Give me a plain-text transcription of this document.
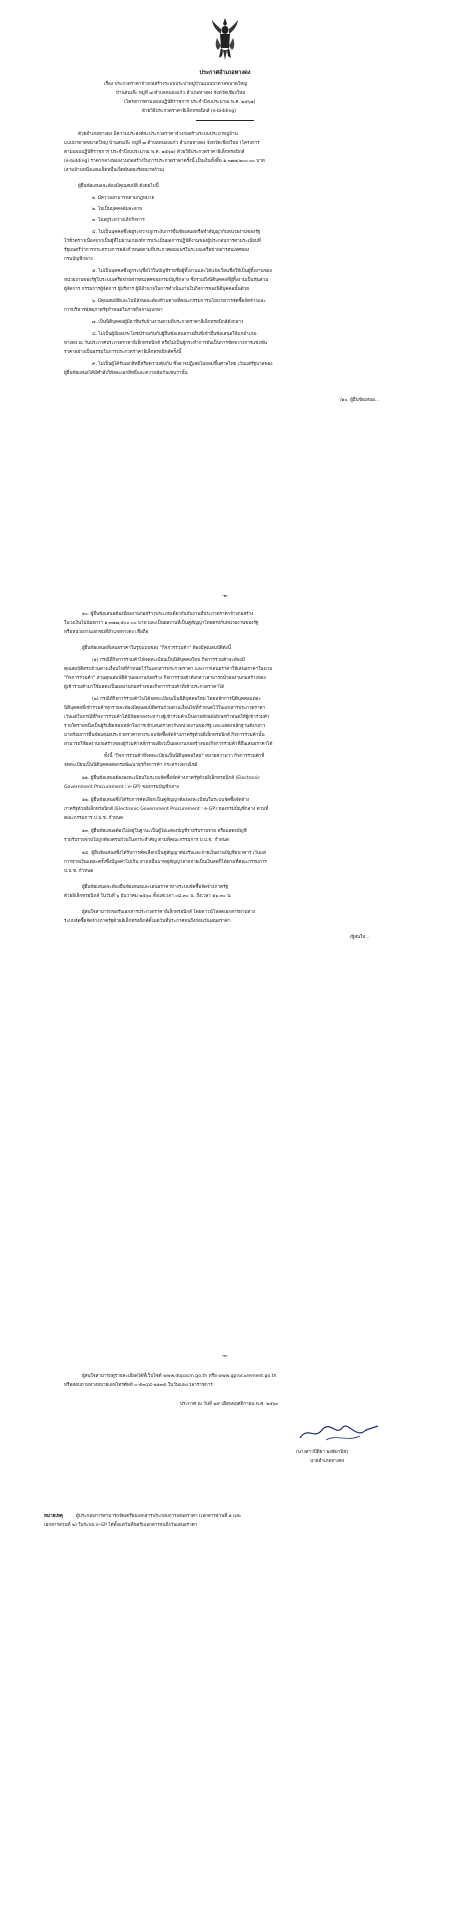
ประกาศอำเภอหางดง
เรื่อง ประกวดราคาจ้างก่อสร้างระบบประปาหมู่บ้านแบบบาดาลขนาดใหญ่
บ้านสนเจ๊ะ หมู่ที่ ๗ ตำบลหนองแก๋ว อำเภอหางดง จังหวัดเชียงใหม่
(โครงการตามแผนปฏิบัติราชการ ประจำปีงบประมาณ พ.ศ. ๒๕๖๑)
ด้วยวิธีประกวดราคาอิเล็กทรอนิกส์ (e-bidding)
ด้วยอำเภอหางดง มีความประสงค์จะประกวดราคาจ้างก่อสร้างระบบประปาหมู่บ้าน
แบบบาดาลขนาดใหญ่ บ้านสนเจ๊ะ หมู่ที่ ๗ ตำบลหนองแก๋ว อำเภอหางดง จังหวัดเชียงใหม่ (โครงการ
ตามแผนปฏิบัติราชการ ประจำปีงบประมาณ พ.ศ. ๒๕๖๑) ด้วยวิธีประกวดราคาอิเล็กทรอนิกส์
(e-bidding) ราคากลางของงานก่อสร้างในการประกวดราคาครั้งนี้ เป็นเงินทั้งสิ้น ๑,๓๗๗,๒๐๐.๐๐ บาท
(สามล้านหนึ่งแสนเจ็ดหมื่นเจ็ดพันสองร้อยบาทถ้วน)
ผู้ยื่นข้อเสนอจะต้องมีคุณสมบัติ ดังต่อไปนี้
๑. มีความสามารถตามกฎหมาย
๒. ไม่เป็นบุคคลล้มละลาย
๓. ไม่อยู่ระหว่างเลิกกิจการ
๔. ไม่เป็นบุคคลซึ่งอยู่ระหว่างถูกระงับการยื่นข้อเสนอหรือทำสัญญากับหน่วยงานของรัฐ
ไว้ชั่วคราวเนื่องจากเป็นผู้ที่ไม่ผ่านเกณฑ์การประเมินผลการปฏิบัติงานของผู้ประกอบการตามระเบียบที่
รัฐมนตรีว่าการกระทรวงการคลังกำหนดตามที่ประกาศเผยแพร่ในระบบเครือข่ายสารสนเทศของ
กรมบัญชีกลาง
๕. ไม่เป็นบุคคลซึ่งถูกระบุชื่อไว้ในบัญชีรายชื่อผู้ทิ้งงานและได้แจ้งเวียนชื่อให้เป็นผู้ทิ้งงานของ
หน่วยงานของรัฐในระบบเครือข่ายสารสนเทศของกรมบัญชีกลาง ซึ่งรวมถึงนิติบุคคลที่ผู้ทิ้งงานเป็นหุ้นส่วน
ผู้จัดการ กรรมการผู้จัดการ ผู้บริหาร ผู้มีอำนาจในการดำเนินงานในกิจการของนิติบุคคลนั้นด้วย
๖. มีคุณสมบัติและไม่มีลักษณะต้องห้ามตามที่คณะกรรมการนโยบายการจัดซื้อจัดจ้างและ
การบริหารพัสดุภาครัฐกำหนดในราชกิจจานุเบกษา
๗. เป็นนิติบุคคลผู้มีอาชีพรับจ้างงานตามที่ประกวดราคาอิเล็กทรอนิกส์ดังกล่าว
๘. ไม่เป็นผู้มีผลประโยชน์ร่วมกันกับผู้ยื่นข้อเสนอรายอื่นที่เข้ายื่นข้อเสนอให้แก่อำเภอ-
หางดง ณ วันประกาศประกวดราคาอิเล็กทรอนิกส์ หรือไม่เป็นผู้กระทำการอันเป็นการขัดขวางการแข่งขัน
ราคาอย่างเป็นธรรมในการประกวดราคาอิเล็กทรอนิกส์ครั้งนี้
๙. ไม่เป็นผู้ได้รับเอกสิทธิ์หรือความคุ้มกัน ซึ่งอาจปฏิเสธไม่ยอมขึ้นศาลไทย เว้นแต่รัฐบาลของ
ผู้ยื่นข้อเสนอได้มีคำสั่งให้สละเอกสิทธิ์และความคุ้มกันเช่นว่านั้น
/๑๐. ผู้ยื่นข้อเสนอ...
-๒-
๑๐. ผู้ยื่นข้อเสนอต้องมีผลงานก่อสร้างประเภทเดียวกันกับงานที่ประกวดราคาจ้างก่อสร้าง
ในวงเงินไม่น้อยกว่า ๑,๓๗๗,๕๐๐.๐๐ บาท และเป็นผลงานที่เป็นคู่สัญญาโดยตรงกับหน่วยงานของรัฐ
หรือหน่วยงานเอกชนที่อำเภอหางดง เชื่อถือ
ผู้ยื่นข้อเสนอที่เสนอราคาในรูปแบบของ "กิจการร่วมค้า" ต้องมีคุณสมบัติดังนี้
(๑) กรณีที่กิจการร่วมค้าได้จดทะเบียนเป็นนิติบุคคลใหม่ กิจการร่วมค้าจะต้องมี
คุณสมบัติครบถ้วนตามเงื่อนไขที่กำหนดไว้ในเอกสารประกวดราคา และการเสนอราคาให้เสนอราคาในนาม
"กิจการร่วมค้า" ส่วนคุณสมบัติด้านผลงานก่อสร้าง กิจการร่วมค้าดังกล่าวสามารถนำผลงานก่อสร้างของ
ผู้เข้าร่วมค้ามาใช้แสดงเป็นผลงานก่อสร้างของกิจการร่วมค้าที่เข้าประกวดราคาได้
(๒) กรณีที่กิจการร่วมค้าไม่ได้จดทะเบียนเป็นนิติบุคคลใหม่ โดยหลักการนิติบุคคลแต่ละ
นิติบุคคลที่เข้าร่วมค้าทุกรายจะต้องมีคุณสมบัติครบถ้วนตามเงื่อนไขที่กำหนดไว้ในเอกสารประกวดราคา
เว้นแต่ในกรณีที่กิจการร่วมค้าได้มีข้อตกลงระหว่างผู้เข้าร่วมค้าเป็นลายลักษณ์อักษรกำหนดให้ผู้เข้าร่วมค้า
รายใดรายหนึ่งเป็นผู้รับผิดชอบหลักในการเข้าเสนอราคากับหน่วยงานของรัฐ และแสดงหลักฐานดังกล่าว
มาพร้อมการยื่นข้อเสนอประกวดราคาทางระบบจัดซื้อจัดจ้างภาครัฐด้วยอิเล็กทรอนิกส์ กิจการร่วมค้านั้น
สามารถใช้ผลงานก่อสร้างของผู้ร่วมค้าหลักรายเดียวเป็นผลงานก่อสร้างของกิจการร่วมค้าที่ยื่นเสนอราคาได้
ทั้งนี้ "กิจการร่วมค้าที่จดทะเบียนเป็นนิติบุคคลใหม่" หมายความว่า กิจการร่วมค้าที่
จดทะเบียนเป็นนิติบุคคลต่อกรมพัฒนาธุรกิจการค้า กระทรวงพาณิชย์
๑๑. ผู้ยื่นข้อเสนอต้องลงทะเบียนในระบบจัดซื้อจัดจ้างภาครัฐด้วยอิเล็กทรอนิกส์ (Electronic
Government Procurement : e-GP) ของกรมบัญชีกลาง
๑๒. ผู้ยื่นข้อเสนอซึ่งได้รับการคัดเลือกเป็นคู่สัญญาต้องลงทะเบียนในระบบจัดซื้อจัดจ้าง
ภาครัฐด้วยอิเล็กทรอนิกส์ (Electronic Government Procurement : e-GP) ของกรมบัญชีกลาง ตามที่
คณะกรรมการ ป.ป.ช. กำหนด
๑๓. ผู้ยื่นข้อเสนอต้องไม่อยู่ในฐานะเป็นผู้ไม่แสดงบัญชีรายรับรายจ่าย หรือแสดงบัญชี
รายรับรายจ่ายไม่ถูกต้องครบถ้วนในสาระสำคัญ ตามที่คณะกรรมการ ป.ป.ช. กำหนด
๑๔. ผู้ยื่นข้อเสนอซึ่งได้รับการคัดเลือกเป็นคู่สัญญาต้องรับและจ่ายเงินผ่านบัญชีธนาคาร เว้นแต่
การจ่ายเงินแต่ละครั้งซึ่งมีมูลค่าไม่เกิน สามหมื่นบาทคู่สัญญาอาจจ่ายเป็นเงินสดก็ได้ตามที่คณะกรรมการ
ป.ป.ช. กำหนด
ผู้ยื่นข้อเสนอจะต้องยื่นข้อเสนอและเสนอราคาทางระบบจัดซื้อจัดจ้างภาครัฐ
ด้วยอิเล็กทรอนิกส์ ในวันที่ ๖ ธันวาคม ๒๕๖๐ ตั้งแต่เวลา ๐๘.๓๐ น. ถึงเวลา ๑๖.๓๐ น.
ผู้สนใจสามารถขอรับเอกสารประกวดราคาอิเล็กทรอนิกส์ โดยดาวน์โหลดเอกสารผ่านทาง
ระบบจัดซื้อจัดจ้างภาครัฐด้วยอิเล็กทรอนิกส์ตั้งแต่วันที่ประกาศจนถึงก่อนวันเสนอราคา
/ผู้สนใจ...
-๓-
ผู้สนใจสามารถดูรายละเอียดได้ที่เว็บไซต์ www.dopacm.go.th หรือ www.gprocurement.go.th
หรือสอบถามทางหมายเลขโทรศัพท์ ๐-๕๓๔๔-๑๑๓๕ ในวันและเวลาราชการ
ประกาศ ณ วันที่ ๒๙ เดือนพฤศจิกายน พ.ศ. ๒๕๖๐
(นางสาวปิติยา พงษ์พานิช)
นายอำเภอหางดง
หมายเหตุ	ผู้ประกอบการสามารถจัดเตรียมเอกสารประกอบการเสนอราคา (เอกสารส่วนที่ ๑ และ
เอกสารส่วนที่ ๒) ในระบบ e-GP ได้ตั้งแต่วันที่ขอรับเอกสารจนถึงวันเสนอราคา
